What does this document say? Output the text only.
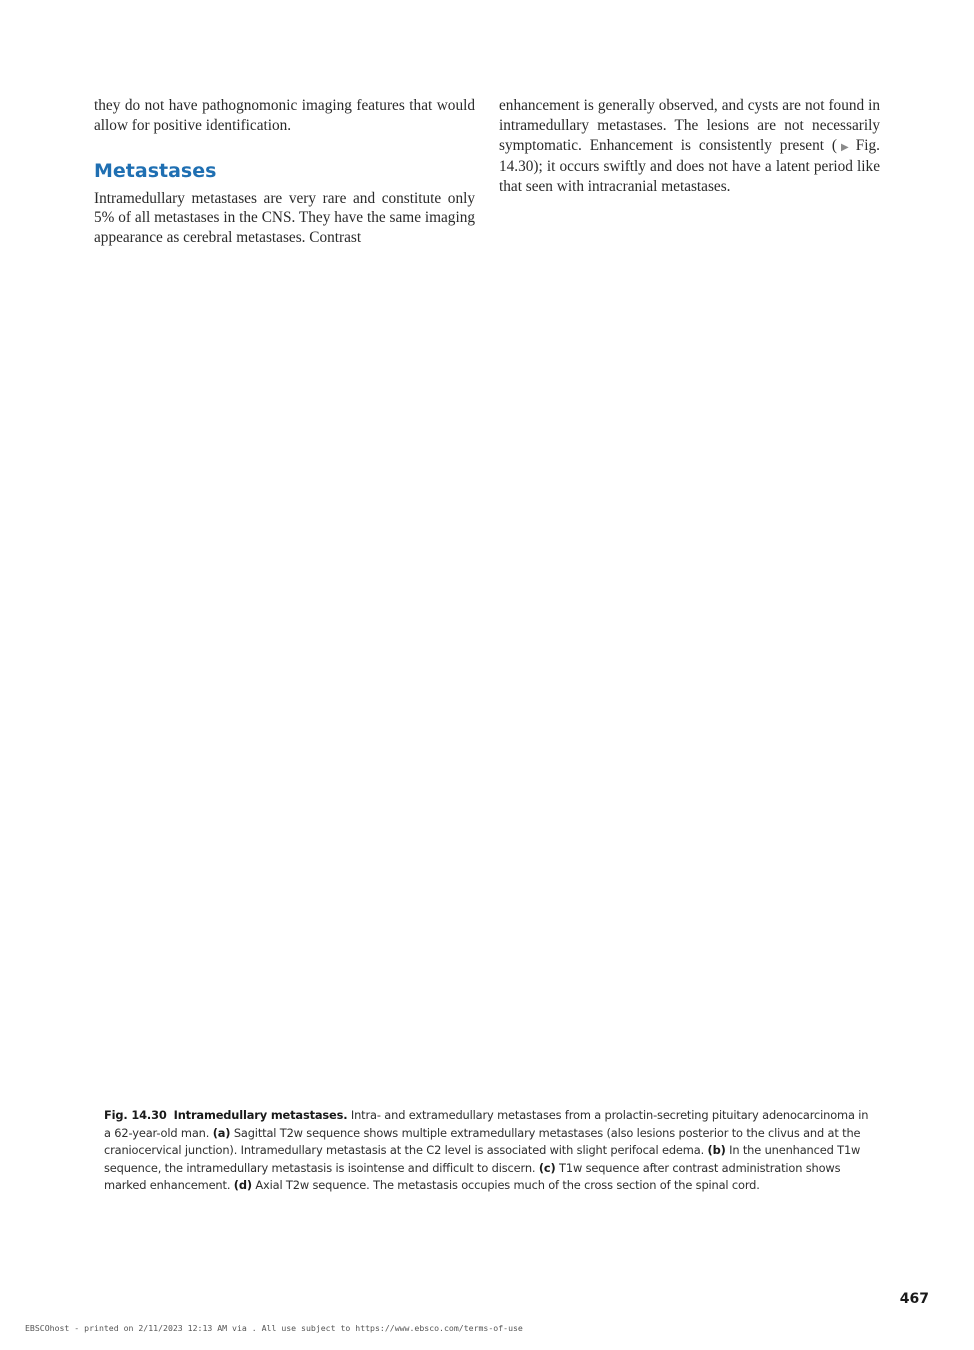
they do not have pathognomonic imaging features that would allow for positive identification.

Metastases

Intramedullary metastases are very rare and constitute only 5% of all metastases in the CNS. They have the same imaging appearance as cerebral metastases. Contrast

enhancement is generally observed, and cysts are not found in intramedullary metastases. The lesions are not necessarily symptomatic. Enhancement is consistently present (▶  Fig. 14.30); it occurs swiftly and does not have a latent period like that seen with intracranial metastases.

Fig. 14.30 Intramedullary metastases. Intra- and extramedullary metastases from a prolactin-secreting pituitary adenocarcinoma in a 62-year-old man. (a) Sagittal T2w sequence shows multiple extramedullary metastases (also lesions posterior to the clivus and at the craniocervical junction). Intramedullary metastasis at the C2 level is associated with slight perifocal edema. (b) In the unenhanced T1w sequence, the intramedullary metastasis is isointense and difficult to discern. (c) T1w sequence after contrast administration shows marked enhancement. (d) Axial T2w sequence. The metastasis occupies much of the cross section of the spinal cord.
467
EBSCOhost - printed on 2/11/2023 12:13 AM via . All use subject to https://www.ebsco.com/terms-of-use
